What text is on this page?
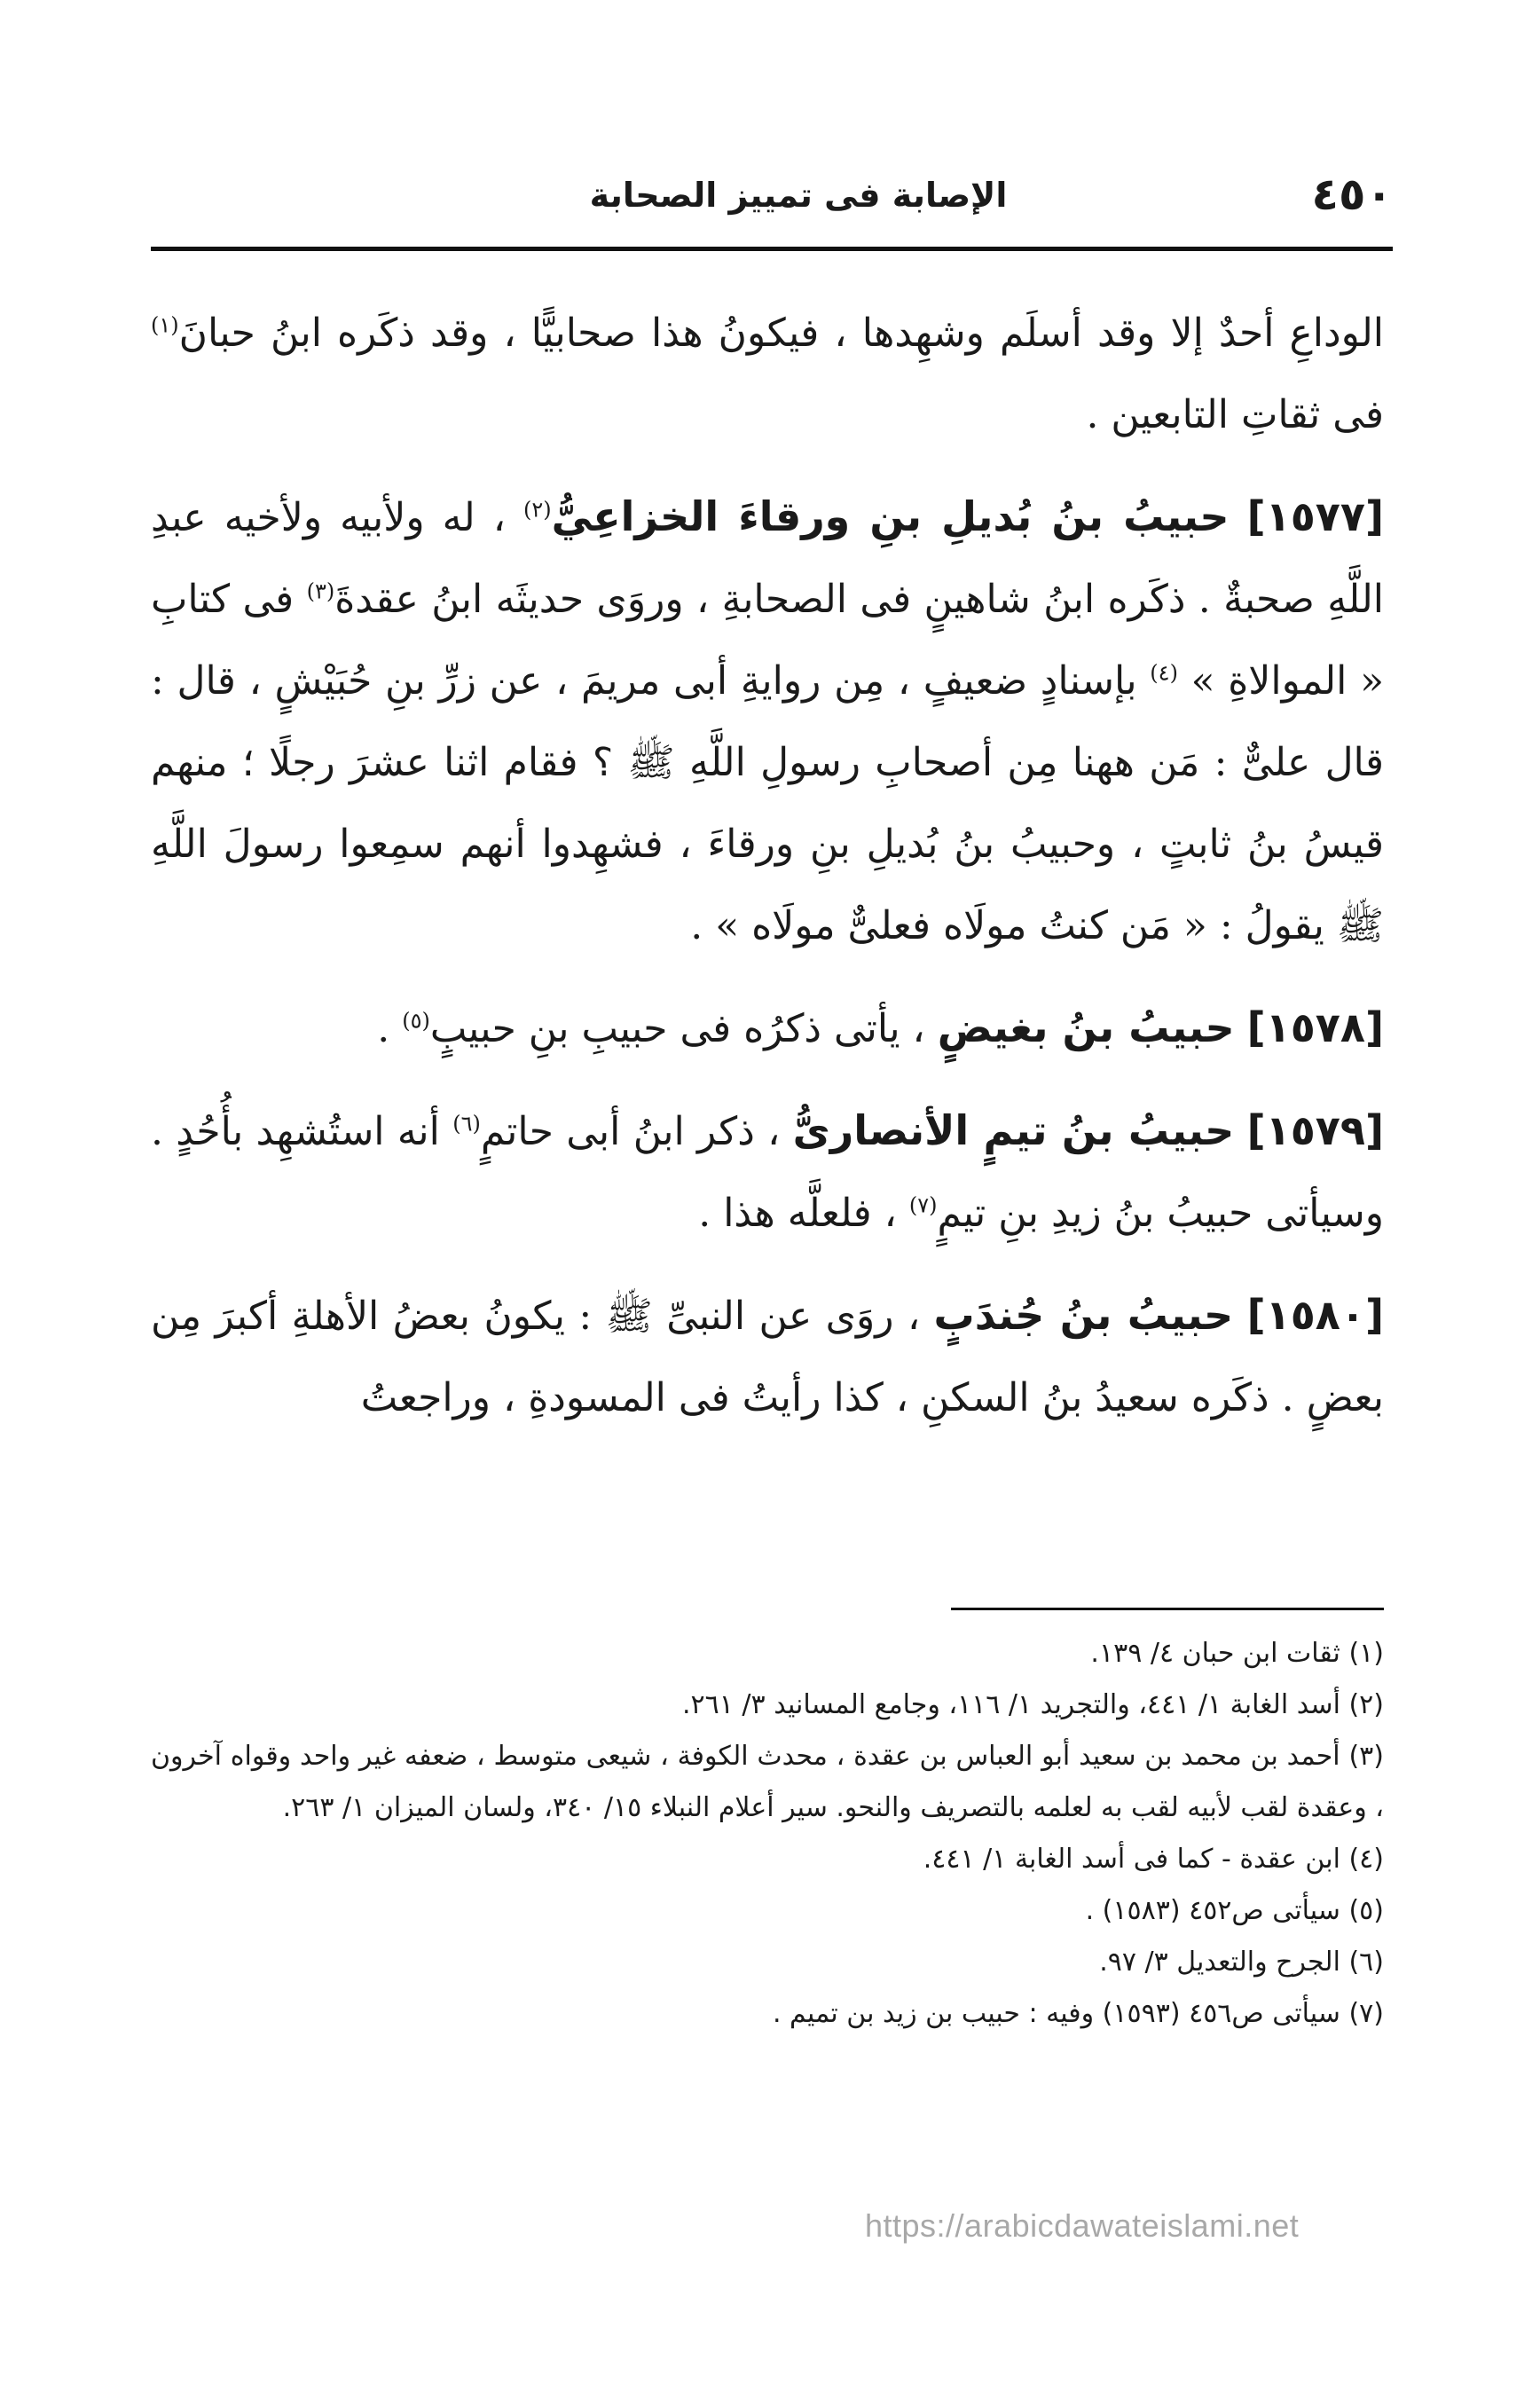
٤٥٠
الإصابة فى تمييز الصحابة

الوداعِ أحدٌ إلا وقد أسلَم وشهِدها ، فيكونُ هذا صحابيًّا ، وقد ذكَره ابنُ حبانَ$^{(١)}$ فى ثقاتِ التابعين .

[١٥٧٧] حبيبُ بنُ بُديلِ بنِ ورقاءَ الخزاعِيُّ$^{(٢)}$ ، له ولأبيه ولأخيه عبدِ اللَّهِ صحبةٌ . ذكَره ابنُ شاهينٍ فى الصحابةِ ، وروَى حديثَه ابنُ عقدةَ$^{(٣)}$ فى كتابِ « الموالاةِ » $^{(٤)}$ بإسنادٍ ضعيفٍ ، مِن روايةِ أبى مريمَ ، عن زرِّ بنِ حُبَيْشٍ ، قال : قال علىٌّ : مَن ههنا مِن أصحابِ رسولِ اللَّهِ ﷺ ؟ فقام اثنا عشرَ رجلًا ؛ منهم قيسُ بنُ ثابتٍ ، وحبيبُ بنُ بُديلِ بنِ ورقاءَ ، فشهِدوا أنهم سمِعوا رسولَ اللَّهِ ﷺ يقولُ : « مَن كنتُ مولَاه فعلىٌّ مولَاه » .

[١٥٧٨] حبيبُ بنُ بغيضٍ ، يأتى ذكرُه فى حبيبِ بنِ حبيبٍ$^{(٥)}$ .

[١٥٧٩] حبيبُ بنُ تيمٍ الأنصارىُّ ، ذكر ابنُ أبى حاتمٍ$^{(٦)}$ أنه استُشهِد بأُحُدٍ . وسيأتى حبيبُ بنُ زيدِ بنِ تيمٍ$^{(٧)}$ ، فلعلَّه هذا .

[١٥٨٠] حبيبُ بنُ جُندَبٍ ، روَى عن النبىِّ ﷺ : يكونُ بعضُ الأهلةِ أكبرَ مِن بعضٍ . ذكَره سعيدُ بنُ السكنِ ، كذا رأيتُ فى المسودةِ ، وراجعتُ

(١) ثقات ابن حبان ٤/ ١٣٩.

(٢) أسد الغابة ١/ ٤٤١، والتجريد ١/ ١١٦، وجامع المسانيد ٣/ ٢٦١.

(٣) أحمد بن محمد بن سعيد أبو العباس بن عقدة ، محدث الكوفة ، شيعى متوسط ، ضعفه غير واحد وقواه آخرون ، وعقدة لقب لأبيه لقب به لعلمه بالتصريف والنحو. سير أعلام النبلاء ١٥/ ٣٤٠، ولسان الميزان ١/ ٢٦٣.

(٤) ابن عقدة - كما فى أسد الغابة ١/ ٤٤١.

(٥) سيأتى ص٤٥٢ (١٥٨٣) .

(٦) الجرح والتعديل ٣/ ٩٧.

(٧) سيأتى ص٤٥٦ (١٥٩٣) وفيه : حبيب بن زيد بن تميم .

https://arabicdawateislami.net
